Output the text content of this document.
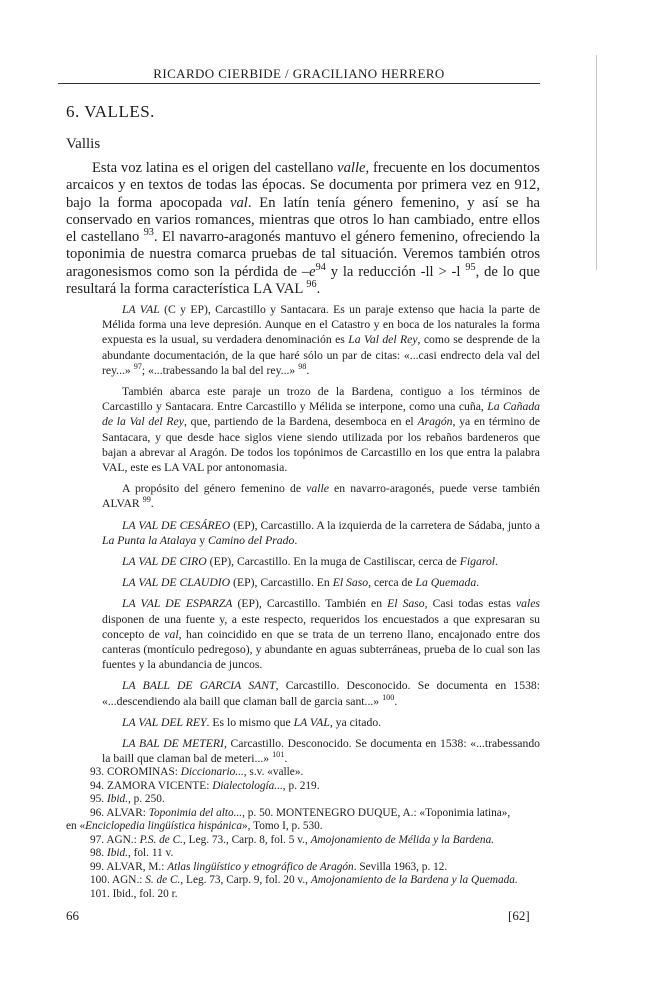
RICARDO CIERBIDE / GRACILIANO HERRERO
6. VALLES.
Vallis

Esta voz latina es el origen del castellano valle, frecuente en los documentos arcaicos y en textos de todas las épocas. Se documenta por primera vez en 912, bajo la forma apocopada val. En latín tenía género femenino, y así se ha conservado en varios romances, mientras que otros lo han cambiado, entre ellos el castellano $^{93}$. El navarro-aragonés mantuvo el género femenino, ofreciendo la toponimia de nuestra comarca pruebas de tal situación. Veremos también otros aragonesismos como son la pérdida de $-e^{94}$ y la reducción -ll > -l $^{95}$, de lo que resultará la forma característica LA VAL $^{96}$.

LA VAL (C y EP), Carcastillo y Santacara. Es un paraje extenso que hacia la parte de Mélida forma una leve depresión. Aunque en el Catastro y en boca de los naturales la forma expuesta es la usual, su verdadera denominación es La Val del Rey, como se desprende de la abundante documentación, de la que haré sólo un par de citas: «...casi endrecto dela val del rey...» $^{97}$; «...trabessando la bal del rey...» $^{98}$.

También abarca este paraje un trozo de la Bardena, contiguo a los términos de Carcastillo y Santacara. Entre Carcastillo y Mélida se interpone, como una cuña, La Cañada de la Val del Rey, que, partiendo de la Bardena, desemboca en el Aragón, ya en término de Santacara, y que desde hace siglos viene siendo utilizada por los rebaños bardeneros que bajan a abrevar al Aragón. De todos los topónimos de Carcastillo en los que entra la palabra VAL, este es LA VAL por antonomasia.

A propósito del género femenino de valle en navarro-aragonés, puede verse también ALVAR $^{99}$.

LA VAL DE CESÁREO (EP), Carcastillo. A la izquierda de la carretera de Sádaba, junto a La Punta la Atalaya y Camino del Prado.

LA VAL DE CIRO (EP), Carcastillo. En la muga de Castiliscar, cerca de Figarol.

LA VAL DE CLAUDIO (EP), Carcastillo. En El Saso, cerca de La Quemada.

LA VAL DE ESPARZA (EP), Carcastillo. También en El Saso, Casi todas estas vales disponen de una fuente y, a este respecto, requeridos los encuestados a que expresaran su concepto de val, han coincidido en que se trata de un terreno llano, encajonado entre dos canteras (montículo pedregoso), y abundante en aguas subterráneas, prueba de lo cual son las fuentes y la abundancia de juncos.

LA BALL DE GARCIA SANT, Carcastillo. Desconocido. Se documenta en 1538: «...descendiendo ala baill que claman ball de garcia sant...» $^{100}$.

LA VAL DEL REY. Es lo mismo que LA VAL, ya citado.

LA BAL DE METERI, Carcastillo. Desconocido. Se documenta en 1538: «...trabessando la baill que claman bal de meteri...» $^{101}$.

93. COROMINAS: Diccionario..., s.v. «valle».
94. ZAMORA VICENTE: Dialectología..., p. 219.
95. Ibid., p. 250.
96. ALVAR: Toponimia del alto..., p. 50. MONTENEGRO DUQUE, A.: «Toponimia latina»,
en «Enciclopedia lingüística hispánica», Tomo I, p. 530.
97. AGN.: P.S. de C., Leg. 73., Carp. 8, fol. 5 v., Amojonamiento de Mélida y la Bardena.
98. Ibid., fol. 11 v.
99. ALVAR, M.: Atlas lingüístico y etnográfico de Aragón. Sevilla 1963, p. 12.
100. AGN.: S. de C., Leg. 73, Carp. 9, fol. 20 v., Amojonamiento de la Bardena y la Quemada.
101. Ibid., fol. 20 r.
66	[62]
